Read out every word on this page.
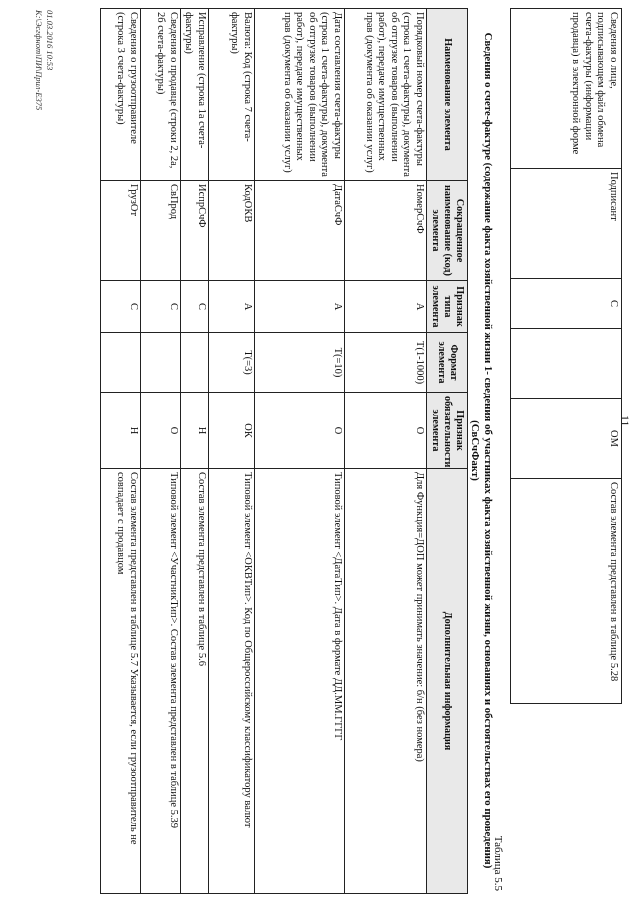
11
Сведения о лице, подписывающем файл обмена счета-фактуры (информации продавца) в электронной форме	Подписант	С		ОМ	Состав элемента представлен в таблице 5.28
Таблица 5.5
Сведения о счете-фактуре (содержание факта хозяйственной жизни 1- сведения об участниках факта хозяйственной жизни, основаниях и обстоятельствах его проведения) (СвСчФакт)
Наименование элемента	Сокращенное наименование (код) элемента	Признак типа элемента	Формат элемента	Признак обязательности элемента	Дополнительная информация
Порядковый номер счета-фактуры (строка 1 счета-фактуры), документа об отгрузке товаров (выполнении работ), передаче имущественных прав (документа об оказании услуг)	НомерСчФ	А	T(1-1000)	О	Для Функция=ДОП может принимать значение: б/н (без номера)
Дата составления счета-фактуры (строка 1 счета-фактуры), документа об отгрузке товаров (выполнении работ), передаче имущественных прав (документа об оказании услуг)	ДатаСчФ	А	T(=10)	О	Типовой элемент <ДатаТип>. Дата в формате ДД.ММ.ГГГГ
Валюта: Код (строка 7 счета-фактуры)	КодОКВ	А	T(=3)	ОК	Типовой элемент <ОКВТип>. Код по Общероссийскому классификатору валют
Исправление (строка 1а счета-фактуры)	ИспрСчФ	С		Н	Состав элемента представлен в таблице 5.6
Сведения о продавце (строки 2, 2а, 2б счета-фактуры)	СвПрод	С		О	Типовой элемент <УчастникТип>. Состав элемента представлен в таблице 5.39
Сведения о грузоотправителе (строка 3 счета-фактуры)	ГрузОт	С		Н	Состав элемента представлен в таблице 5.7 Указывается, если грузоотправитель не совпадает с продавцом
01.03.2016 10:53
К:\Эсгфнот\ПИ\Прил-E375
